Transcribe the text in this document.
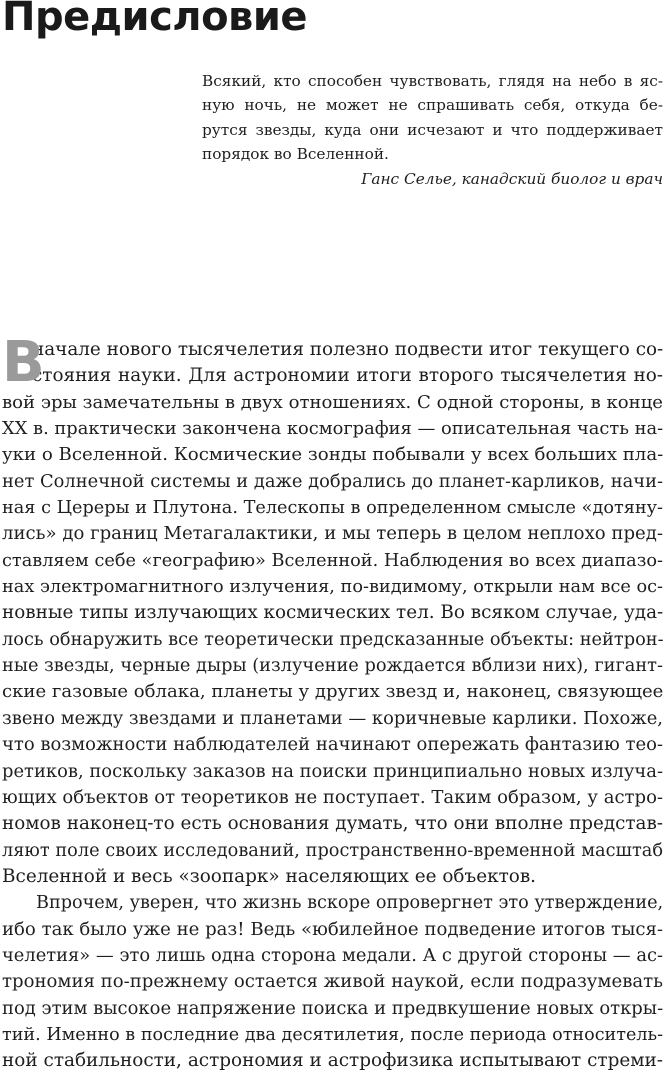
Предисловие

Всякий, кто способен чувствовать, глядя на небо в яс-
ную ночь, не может не спрашивать себя, откуда бе-
рутся звезды, куда они исчезают и что поддерживает
порядок во Вселенной.

Ганс Селье, канадский биолог и врач

В
начале нового тысячелетия полезно подвести итог текущего со-
стояния науки. Для астрономии итоги второго тысячелетия но-
вой эры замечательны в двух отношениях. С одной стороны, в конце
XX в. практически закончена космография — описательная часть на-
уки о Вселенной. Космические зонды побывали у всех больших пла-
нет Солнечной системы и даже добрались до планет-карликов, начи-
ная с Цереры и Плутона. Телескопы в определенном смысле «дотяну-
лись» до границ Метагалактики, и мы теперь в целом неплохо пред-
ставляем себе «географию» Вселенной. Наблюдения во всех диапазо-
нах электромагнитного излучения, по-видимому, открыли нам все ос-
новные типы излучающих космических тел. Во всяком случае, уда-
лось обнаружить все теоретически предсказанные объекты: нейтрон-
ные звезды, черные дыры (излучение рождается вблизи них), гигант-
ские газовые облака, планеты у других звезд и, наконец, связующее
звено между звездами и планетами — коричневые карлики. Похоже,
что возможности наблюдателей начинают опережать фантазию тео-
ретиков, поскольку заказов на поиски принципиально новых излуча-
ющих объектов от теоретиков не поступает. Таким образом, у астро-
номов наконец-то есть основания думать, что они вполне представ-
ляют поле своих исследований, пространственно-временной масштаб
Вселенной и весь «зоопарк» населяющих ее объектов.
Впрочем, уверен, что жизнь вскоре опровергнет это утверждение,
ибо так было уже не раз! Ведь «юбилейное подведение итогов тыся-
челетия» — это лишь одна сторона медали. А с другой стороны — ас-
трономия по-прежнему остается живой наукой, если подразумевать
под этим высокое напряжение поиска и предвкушение новых откры-
тий. Именно в последние два десятилетия, после периода относитель-
ной стабильности, астрономия и астрофизика испытывают стреми-
